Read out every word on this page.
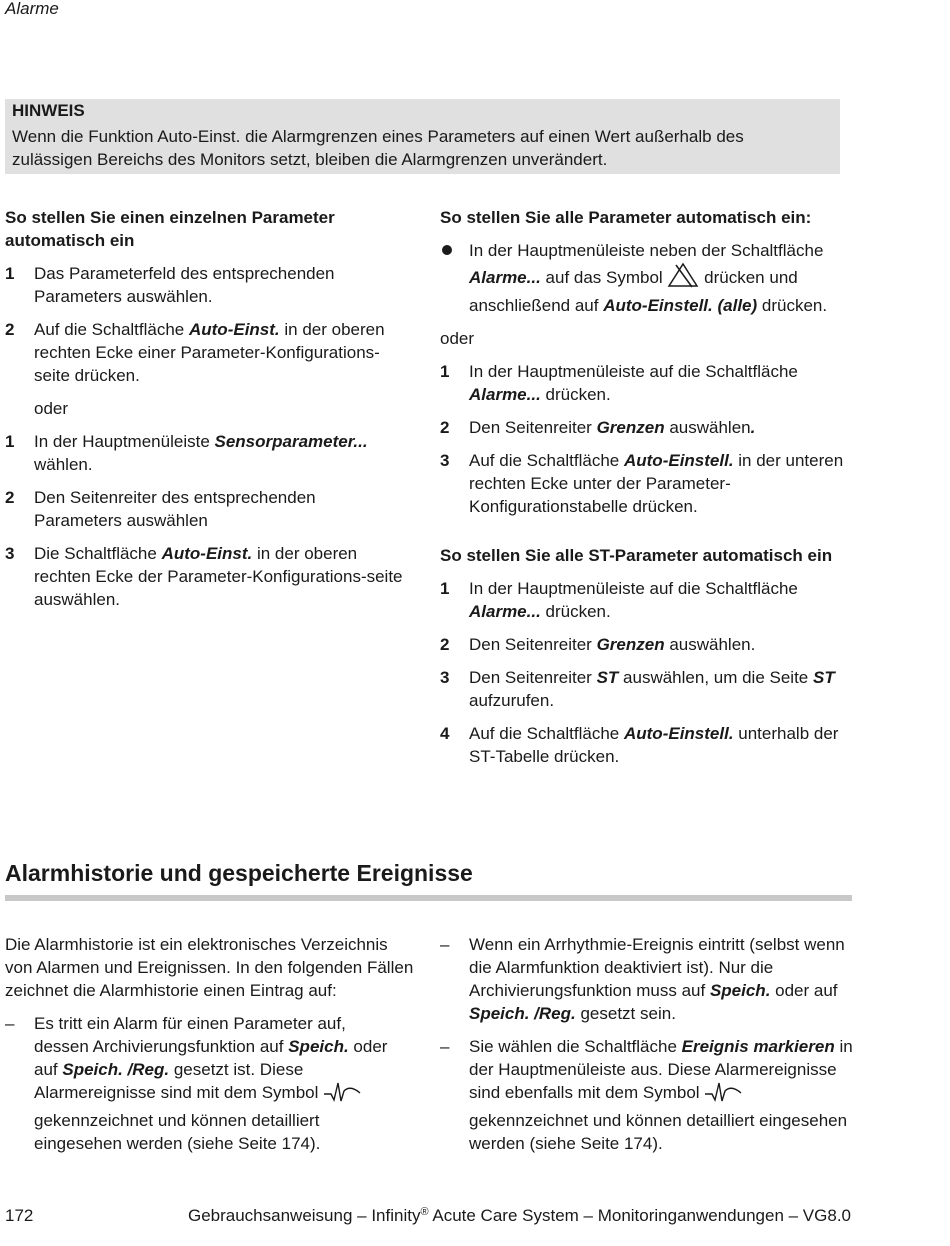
Alarme
HINWEIS
Wenn die Funktion Auto-Einst. die Alarmgrenzen eines Parameters auf einen Wert außerhalb des zulässigen Bereichs des Monitors setzt, bleiben die Alarmgrenzen unverändert.
So stellen Sie einen einzelnen Parameter automatisch ein
1 Das Parameterfeld des entsprechenden Parameters auswählen.
2 Auf die Schaltfläche Auto-Einst. in der oberen rechten Ecke einer Parameter-Konfigurations-seite drücken.
oder
1 In der Hauptmenüleiste Sensorparameter... wählen.
2 Den Seitenreiter des entsprechenden Parameters auswählen
3 Die Schaltfläche Auto-Einst. in der oberen rechten Ecke der Parameter-Konfigurations-seite auswählen.
So stellen Sie alle Parameter automatisch ein:
In der Hauptmenüleiste neben der Schaltfläche Alarme... auf das Symbol  drücken und anschließend auf Auto-Einstell. (alle) drücken.
oder
1 In der Hauptmenüleiste auf die Schaltfläche Alarme... drücken.
2 Den Seitenreiter Grenzen auswählen.
3 Auf die Schaltfläche Auto-Einstell. in der unteren rechten Ecke unter der Parameter-Konfigurationstabelle drücken.
So stellen Sie alle ST-Parameter automatisch ein
1 In der Hauptmenüleiste auf die Schaltfläche Alarme... drücken.
2 Den Seitenreiter Grenzen auswählen.
3 Den Seitenreiter ST auswählen, um die Seite ST aufzurufen.
4 Auf die Schaltfläche Auto-Einstell. unterhalb der ST-Tabelle drücken.
Alarmhistorie und gespeicherte Ereignisse
Die Alarmhistorie ist ein elektronisches Verzeichnis von Alarmen und Ereignissen. In den folgenden Fällen zeichnet die Alarmhistorie einen Eintrag auf:
– Es tritt ein Alarm für einen Parameter auf, dessen Archivierungsfunktion auf Speich. oder auf Speich. /Reg. gesetzt ist. Diese Alarmereignisse sind mit dem Symbol  gekennzeichnet und können detailliert eingesehen werden (siehe Seite 174).
– Wenn ein Arrhythmie-Ereignis eintritt (selbst wenn die Alarmfunktion deaktiviert ist). Nur die Archivierungsfunktion muss auf Speich. oder auf Speich. /Reg. gesetzt sein.
– Sie wählen die Schaltfläche Ereignis markieren in der Hauptmenüleiste aus. Diese Alarmereignisse sind ebenfalls mit dem Symbol  gekennzeichnet und können detailliert eingesehen werden (siehe Seite 174).
172	Gebrauchsanweisung – Infinity® Acute Care System – Monitoringanwendungen – VG8.0
